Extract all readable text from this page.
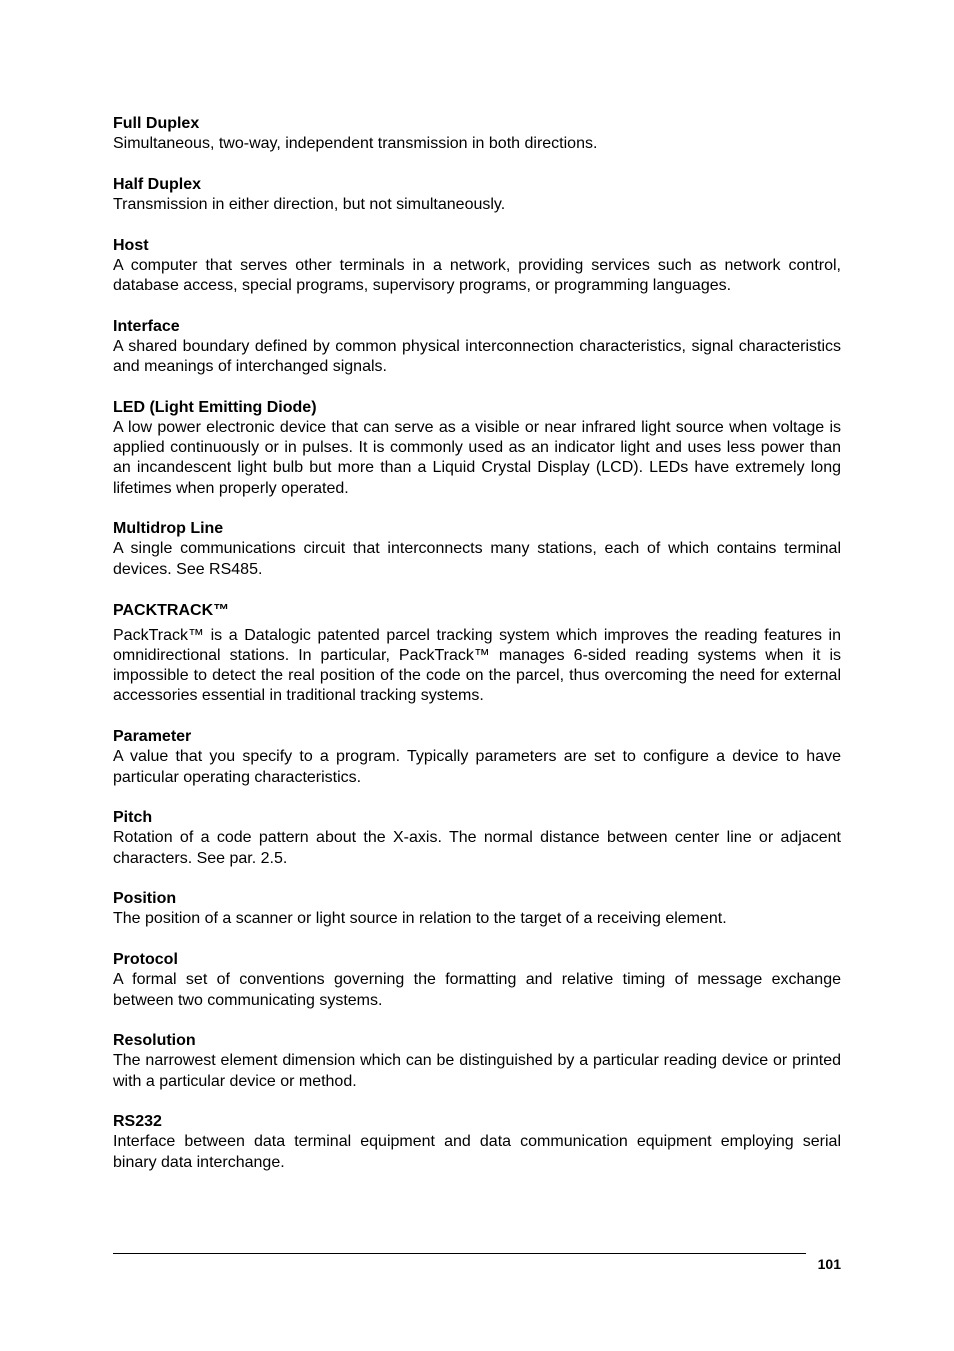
Full Duplex

Simultaneous, two-way, independent transmission in both directions.

Half Duplex

Transmission in either direction, but not simultaneously.

Host

A computer that serves other terminals in a network, providing services such as network control, database access, special programs, supervisory programs, or programming languages.

Interface

A shared boundary defined by common physical interconnection characteristics, signal characteristics and meanings of interchanged signals.

LED (Light Emitting Diode)

A low power electronic device that can serve as a visible or near infrared light source when voltage is applied continuously or in pulses. It is commonly used as an indicator light and uses less power than an incandescent light bulb but more than a Liquid Crystal Display (LCD). LEDs have extremely long lifetimes when properly operated.

Multidrop Line

A single communications circuit that interconnects many stations, each of which contains terminal devices. See RS485.

PACKTRACK™

PackTrack™ is a Datalogic patented parcel tracking system which improves the reading features in omnidirectional stations. In particular, PackTrack™ manages 6-sided reading systems when it is impossible to detect the real position of the code on the parcel, thus overcoming the need for external accessories essential in traditional tracking systems.

Parameter

A value that you specify to a program. Typically parameters are set to configure a device to have particular operating characteristics.

Pitch

Rotation of a code pattern about the X-axis. The normal distance between center line or adjacent characters. See par. 2.5.

Position

The position of a scanner or light source in relation to the target of a receiving element.

Protocol

A formal set of conventions governing the formatting and relative timing of message exchange between two communicating systems.

Resolution

The narrowest element dimension which can be distinguished by a particular reading device or printed with a particular device or method.

RS232

Interface between data terminal equipment and data communication equipment employing serial binary data interchange.

101
